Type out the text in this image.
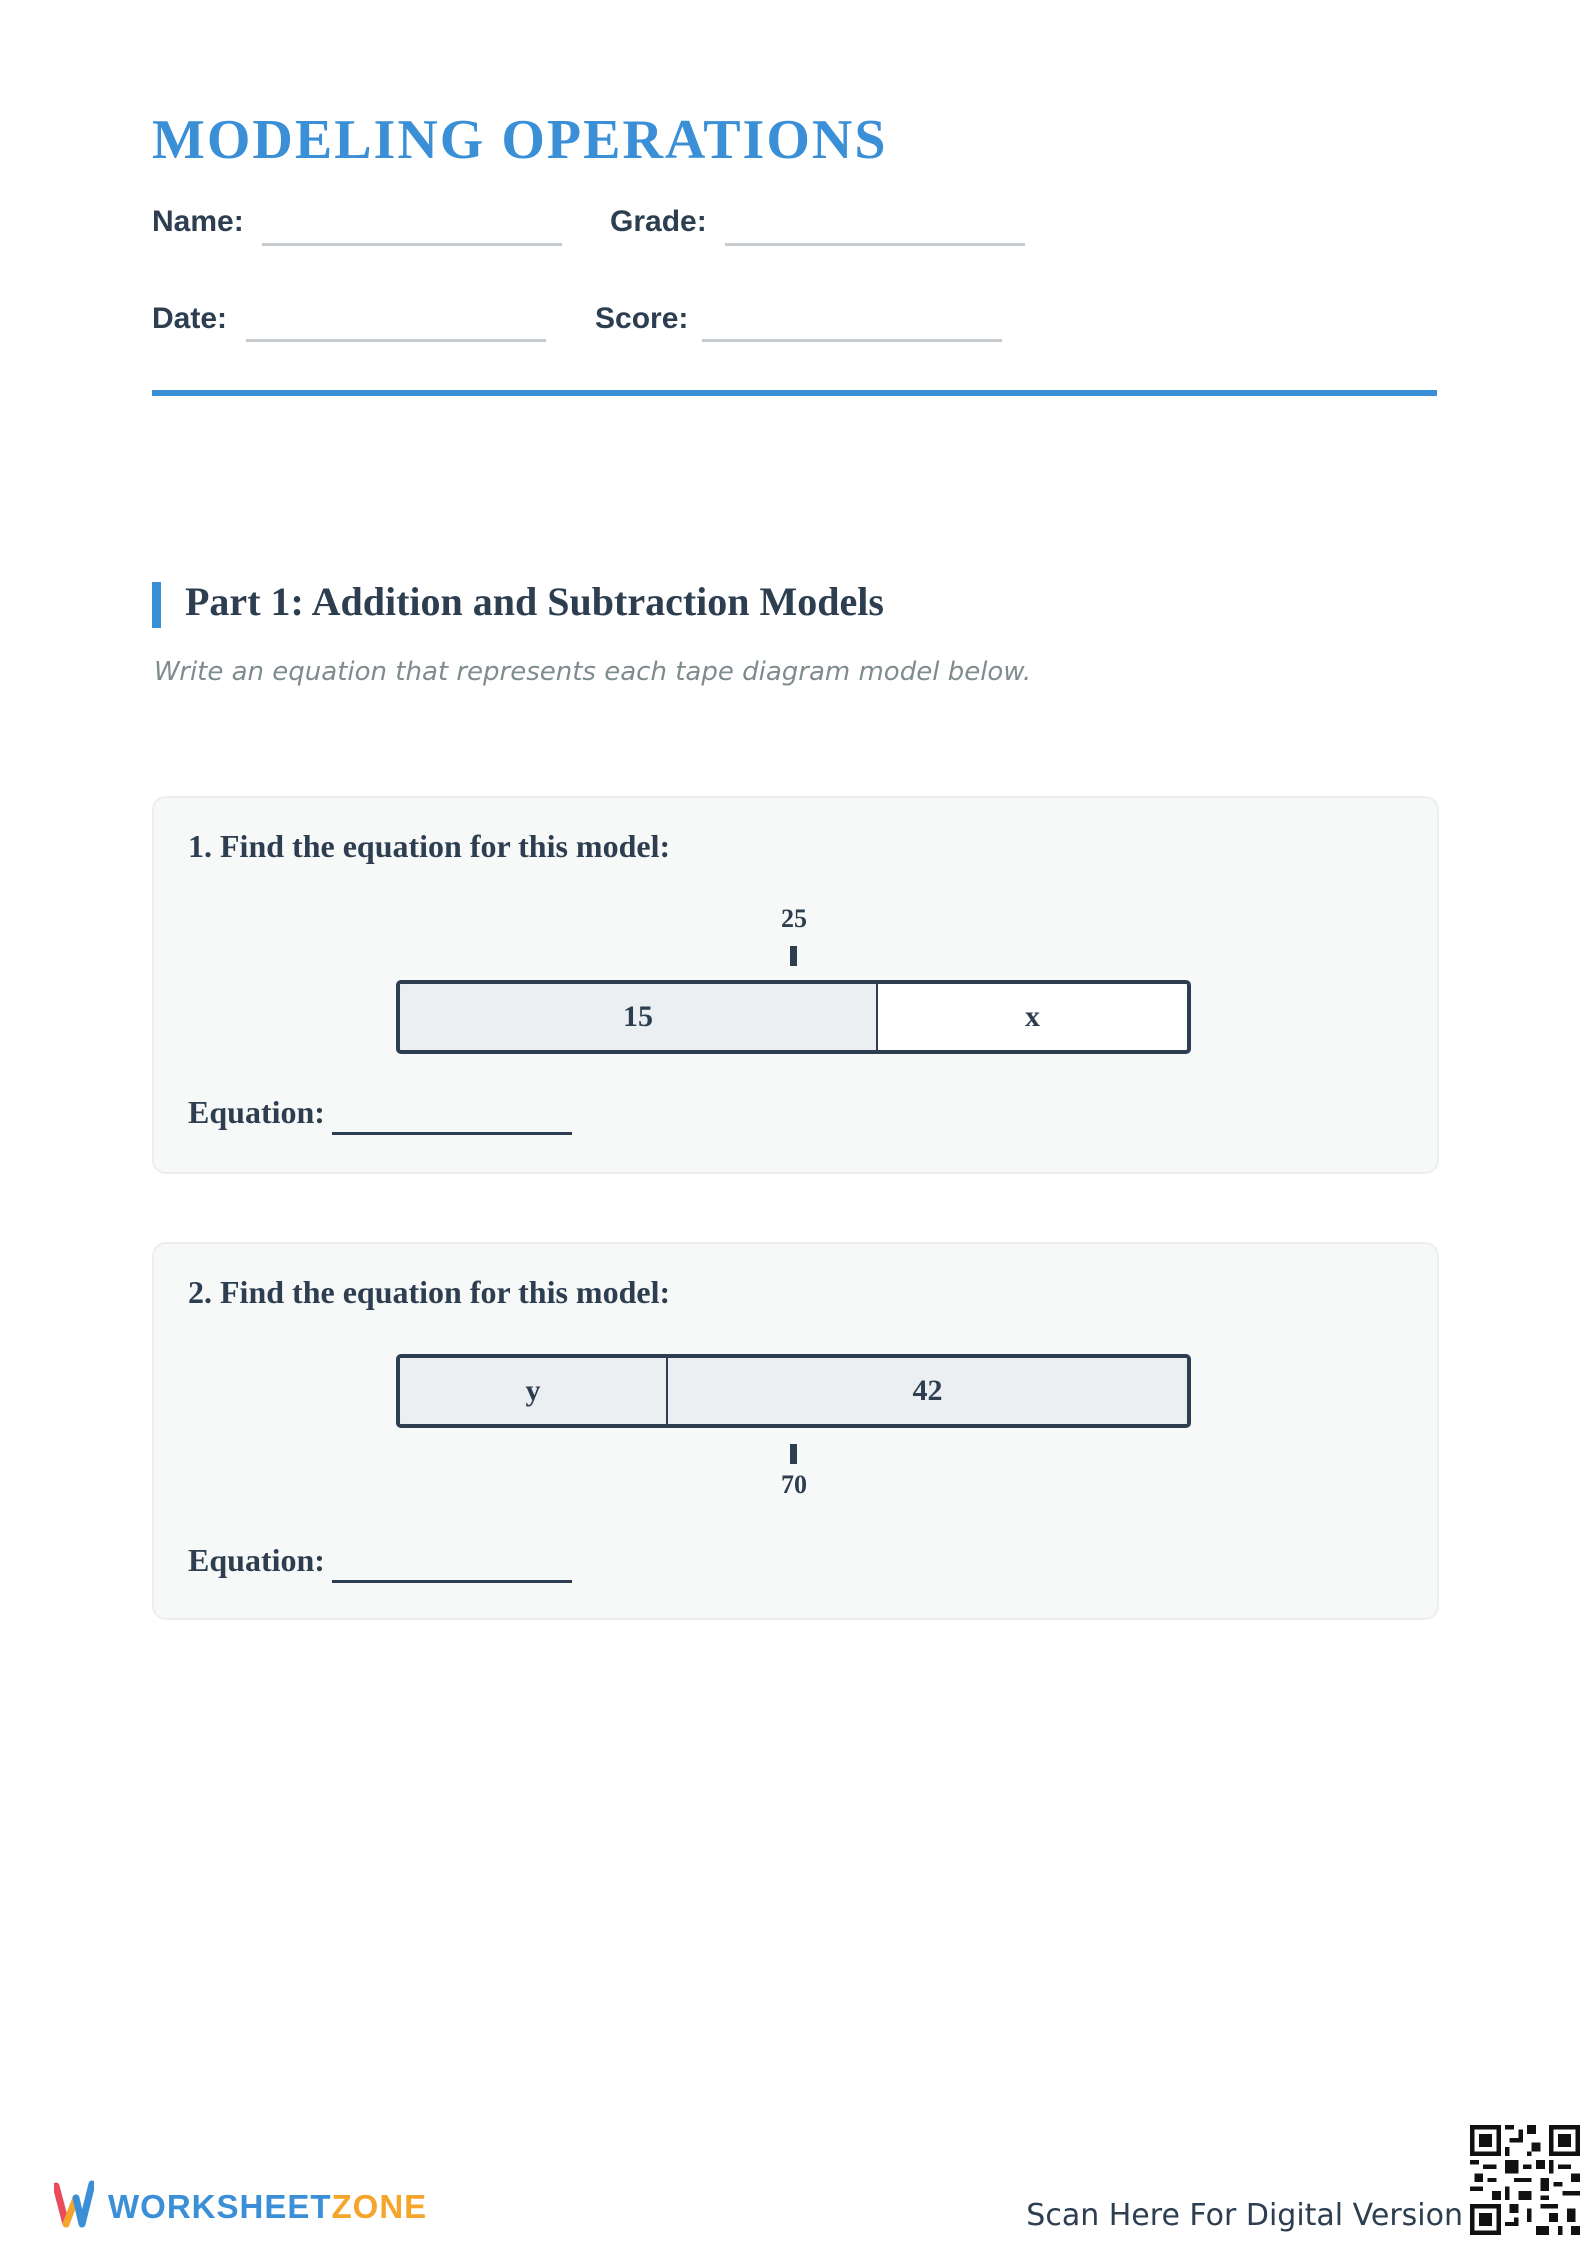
MODELING OPERATIONS
Name:	Grade:
Date:	Score:
Part 1: Addition and Subtraction Models
Write an equation that represents each tape diagram model below.
1. Find the equation for this model:
25
15	x
Equation:
2. Find the equation for this model:
y	42
70
Equation:
WORKSHEETZONE	Scan Here For Digital Version
